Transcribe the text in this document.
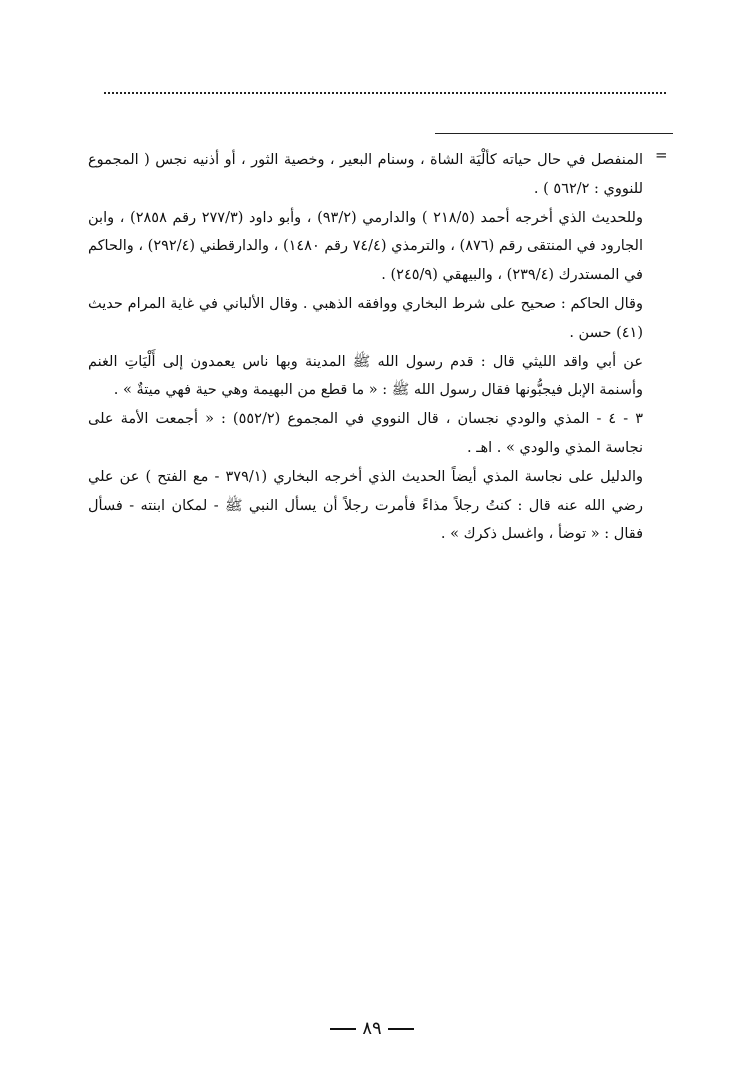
=

المنفصل في حال حياته كألْيَة الشاة ، وسنام البعير ، وخصية الثور ، أو أذنيه نجس ( المجموع للنووي : ٥٦٢/٢ ) .

وللحديث الذي أخرجه أحمد (٢١٨/٥ ) والدارمي (٩٣/٢) ، وأبو داود (٢٧٧/٣ رقم ٢٨٥٨) ، وابن الجارود في المنتقى رقم (٨٧٦) ، والترمذي (٧٤/٤ رقم ١٤٨٠) ، والدارقطني (٢٩٢/٤) ، والحاكم في المستدرك (٢٣٩/٤) ، والبيهقي (٢٤٥/٩) .

وقال الحاكم : صحيح على شرط البخاري ووافقه الذهبي . وقال الألباني في غاية المرام حديث (٤١) حسن .

عن أبي واقد الليثي قال : قدم رسول الله ﷺ المدينة وبها ناس يعمدون إلى أَلْيَاتِ الغنم وأسنمة الإبل فيجبُّونها فقال رسول الله ﷺ : « ما قطع من البهيمة وهي حية فهي ميتةٌ » .

٣ - ٤ - المذي والودي نجسان ، قال النووي في المجموع (٥٥٢/٢) : « أجمعت الأمة على نجاسة المذي والودي » . اهـ .

والدليل على نجاسة المذي أيضاً الحديث الذي أخرجه البخاري (٣٧٩/١ - مع الفتح ) عن علي رضي الله عنه قال : كنتُ رجلاً مذاءً فأمرت رجلاً أن يسأل النبي ﷺ - لمكان ابنته - فسأل فقال : « توضأ ، واغسل ذكرك » .

٨٩
